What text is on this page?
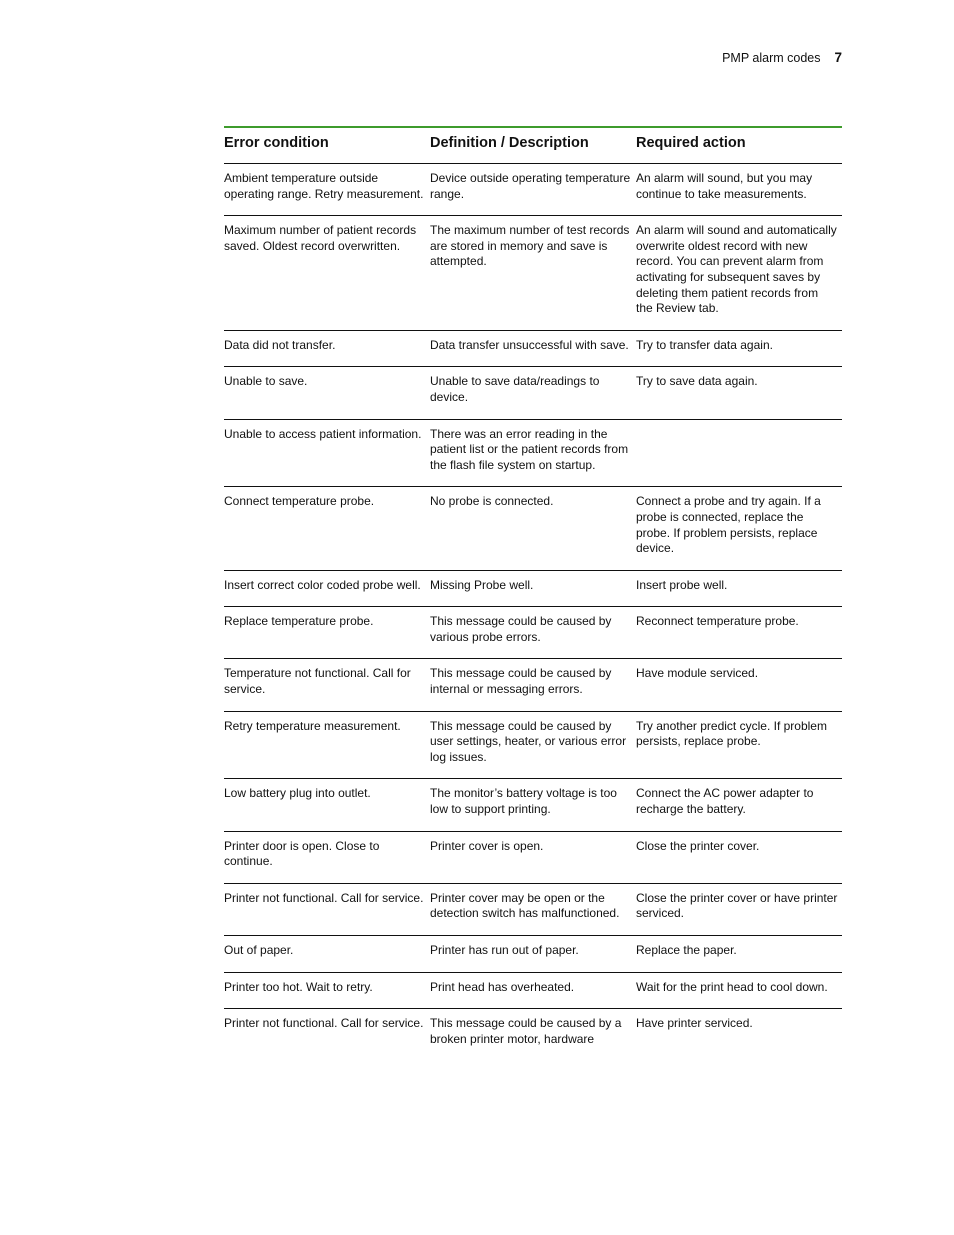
PMP alarm codes 7
Error condition	Definition / Description	Required action
Ambient temperature outside operating range. Retry measurement.	Device outside operating temperature range.	An alarm will sound, but you may continue to take measurements.
Maximum number of patient records saved. Oldest record overwritten.	The maximum number of test records are stored in memory and save is attempted.	An alarm will sound and automatically overwrite oldest record with new record. You can prevent alarm from activating for subsequent saves by deleting them patient records from the Review tab.
Data did not transfer.	Data transfer unsuccessful with save.	Try to transfer data again.
Unable to save.	Unable to save data/readings to device.	Try to save data again.
Unable to access patient information.	There was an error reading in the patient list or the patient records from the flash file system on startup.	
Connect temperature probe.	No probe is connected.	Connect a probe and try again. If a probe is connected, replace the probe. If problem persists, replace device.
Insert correct color coded probe well.	Missing Probe well.	Insert probe well.
Replace temperature probe.	This message could be caused by various probe errors.	Reconnect temperature probe.
Temperature not functional. Call for service.	This message could be caused by internal or messaging errors.	Have module serviced.
Retry temperature measurement.	This message could be caused by user settings, heater, or various error log issues.	Try another predict cycle. If problem persists, replace probe.
Low battery plug into outlet.	The monitor’s battery voltage is too low to support printing.	Connect the AC power adapter to recharge the battery.
Printer door is open. Close to continue.	Printer cover is open.	Close the printer cover.
Printer not functional. Call for service.	Printer cover may be open or the detection switch has malfunctioned.	Close the printer cover or have printer serviced.
Out of paper.	Printer has run out of paper.	Replace the paper.
Printer too hot. Wait to retry.	Print head has overheated.	Wait for the print head to cool down.
Printer not functional. Call for service.	This message could be caused by a broken printer motor, hardware	Have printer serviced.
